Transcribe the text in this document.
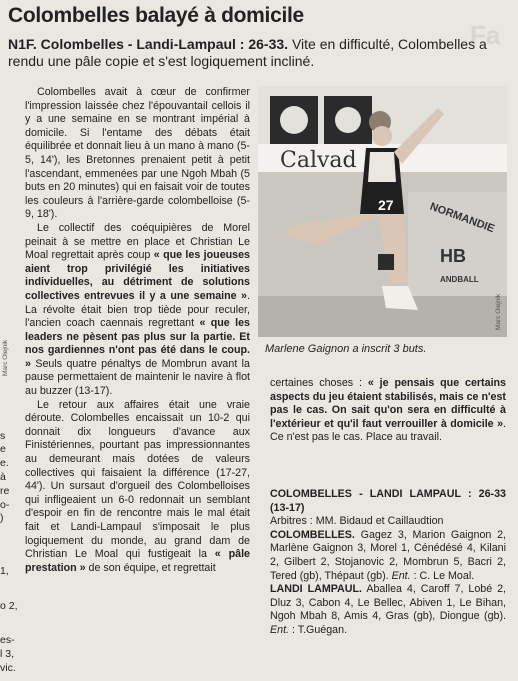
Fa
Colombelles balayé à domicile
N1F. Colombelles - Landi-Lampaul : 26-33. Vite en difficulté, Colombelles a rendu une pâle copie et s'est logiquement incliné.
Marc Olejnik
s
e
e.
à
re
o-
)
1,
o 2,
es-
l 3,
vic.

Colombelles avait à cœur de confirmer l'impression laissée chez l'épouvantail cellois il y a une semaine en se montrant impérial à domicile. Si l'entame des débats était équilibrée et donnait lieu à un mano à mano (5-5, 14'), les Bretonnes prenaient petit à petit l'ascendant, emmenées par une Ngoh Mbah (5 buts en 20 minutes) qui en faisait voir de toutes les couleurs à l'arrière-garde colombelloise (5-9, 18').

Le collectif des coéquipières de Morel peinait à se mettre en place et Christian Le Moal regrettait après coup « que les joueuses aient trop privilégié les initiatives individuelles, au détriment de solutions collectives entrevues il y a une semaine ». La révolte était bien trop tiède pour reculer, l'ancien coach caennais regrettant « que les leaders ne pèsent pas plus sur la partie. Et nos gardiennes n'ont pas été dans le coup. » Seuls quatre pénaltys de Mombrun avant la pause permettaient de maintenir le navire à flot au buzzer (13-17).

Le retour aux affaires était une vraie déroute. Colombelles encaissait un 10-2 qui donnait dix longueurs d'avance aux Finistériennes, pourtant pas impressionnantes au demeurant mais dotées de valeurs collectives qui faisaient la différence (17-27, 44'). Un sursaut d'orgueil des Colombelloises qui infligeaient un 6-0 redonnait un semblant d'espoir en fin de rencontre mais le mal était fait et Landi-Lampaul s'imposait le plus logiquement du monde, au grand dam de Christian Le Moal qui fustigeait la « pâle prestation » de son équipe, et regrettait

Calvad
NORMANDIE
HB
ANDBALL
27
Marc Olejnik
Marlene Gaignon a inscrit 3 buts.

certaines choses : « je pensais que certains aspects du jeu étaient stabilisés, mais ce n'est pas le cas. On sait qu'on sera en difficulté à l'extérieur et qu'il faut verrouiller à domicile ». Ce n'est pas le cas. Place au travail.

COLOMBELLES - LANDI LAMPAUL : 26-33 (13-17)

Arbitres : MM. Bidaud et Caillaudtion

COLOMBELLES. Gagez 3, Marion Gaignon 2, Marlène Gaignon 3, Morel 1, Cénédésé 4, Kilani 2, Gilbert 2, Stojanovic 2, Mombrun 5, Bacri 2, Tered (gb), Thépaut (gb). Ent. : C. Le Moal.

LANDI LAMPAUL. Aballea 4, Caroff 7, Lobé 2, Dluz 3, Cabon 4, Le Bellec, Abiven 1, Le Bihan, Ngoh Mbah 8, Amis 4, Gras (gb), Diongue (gb). Ent. : T.Guégan.
